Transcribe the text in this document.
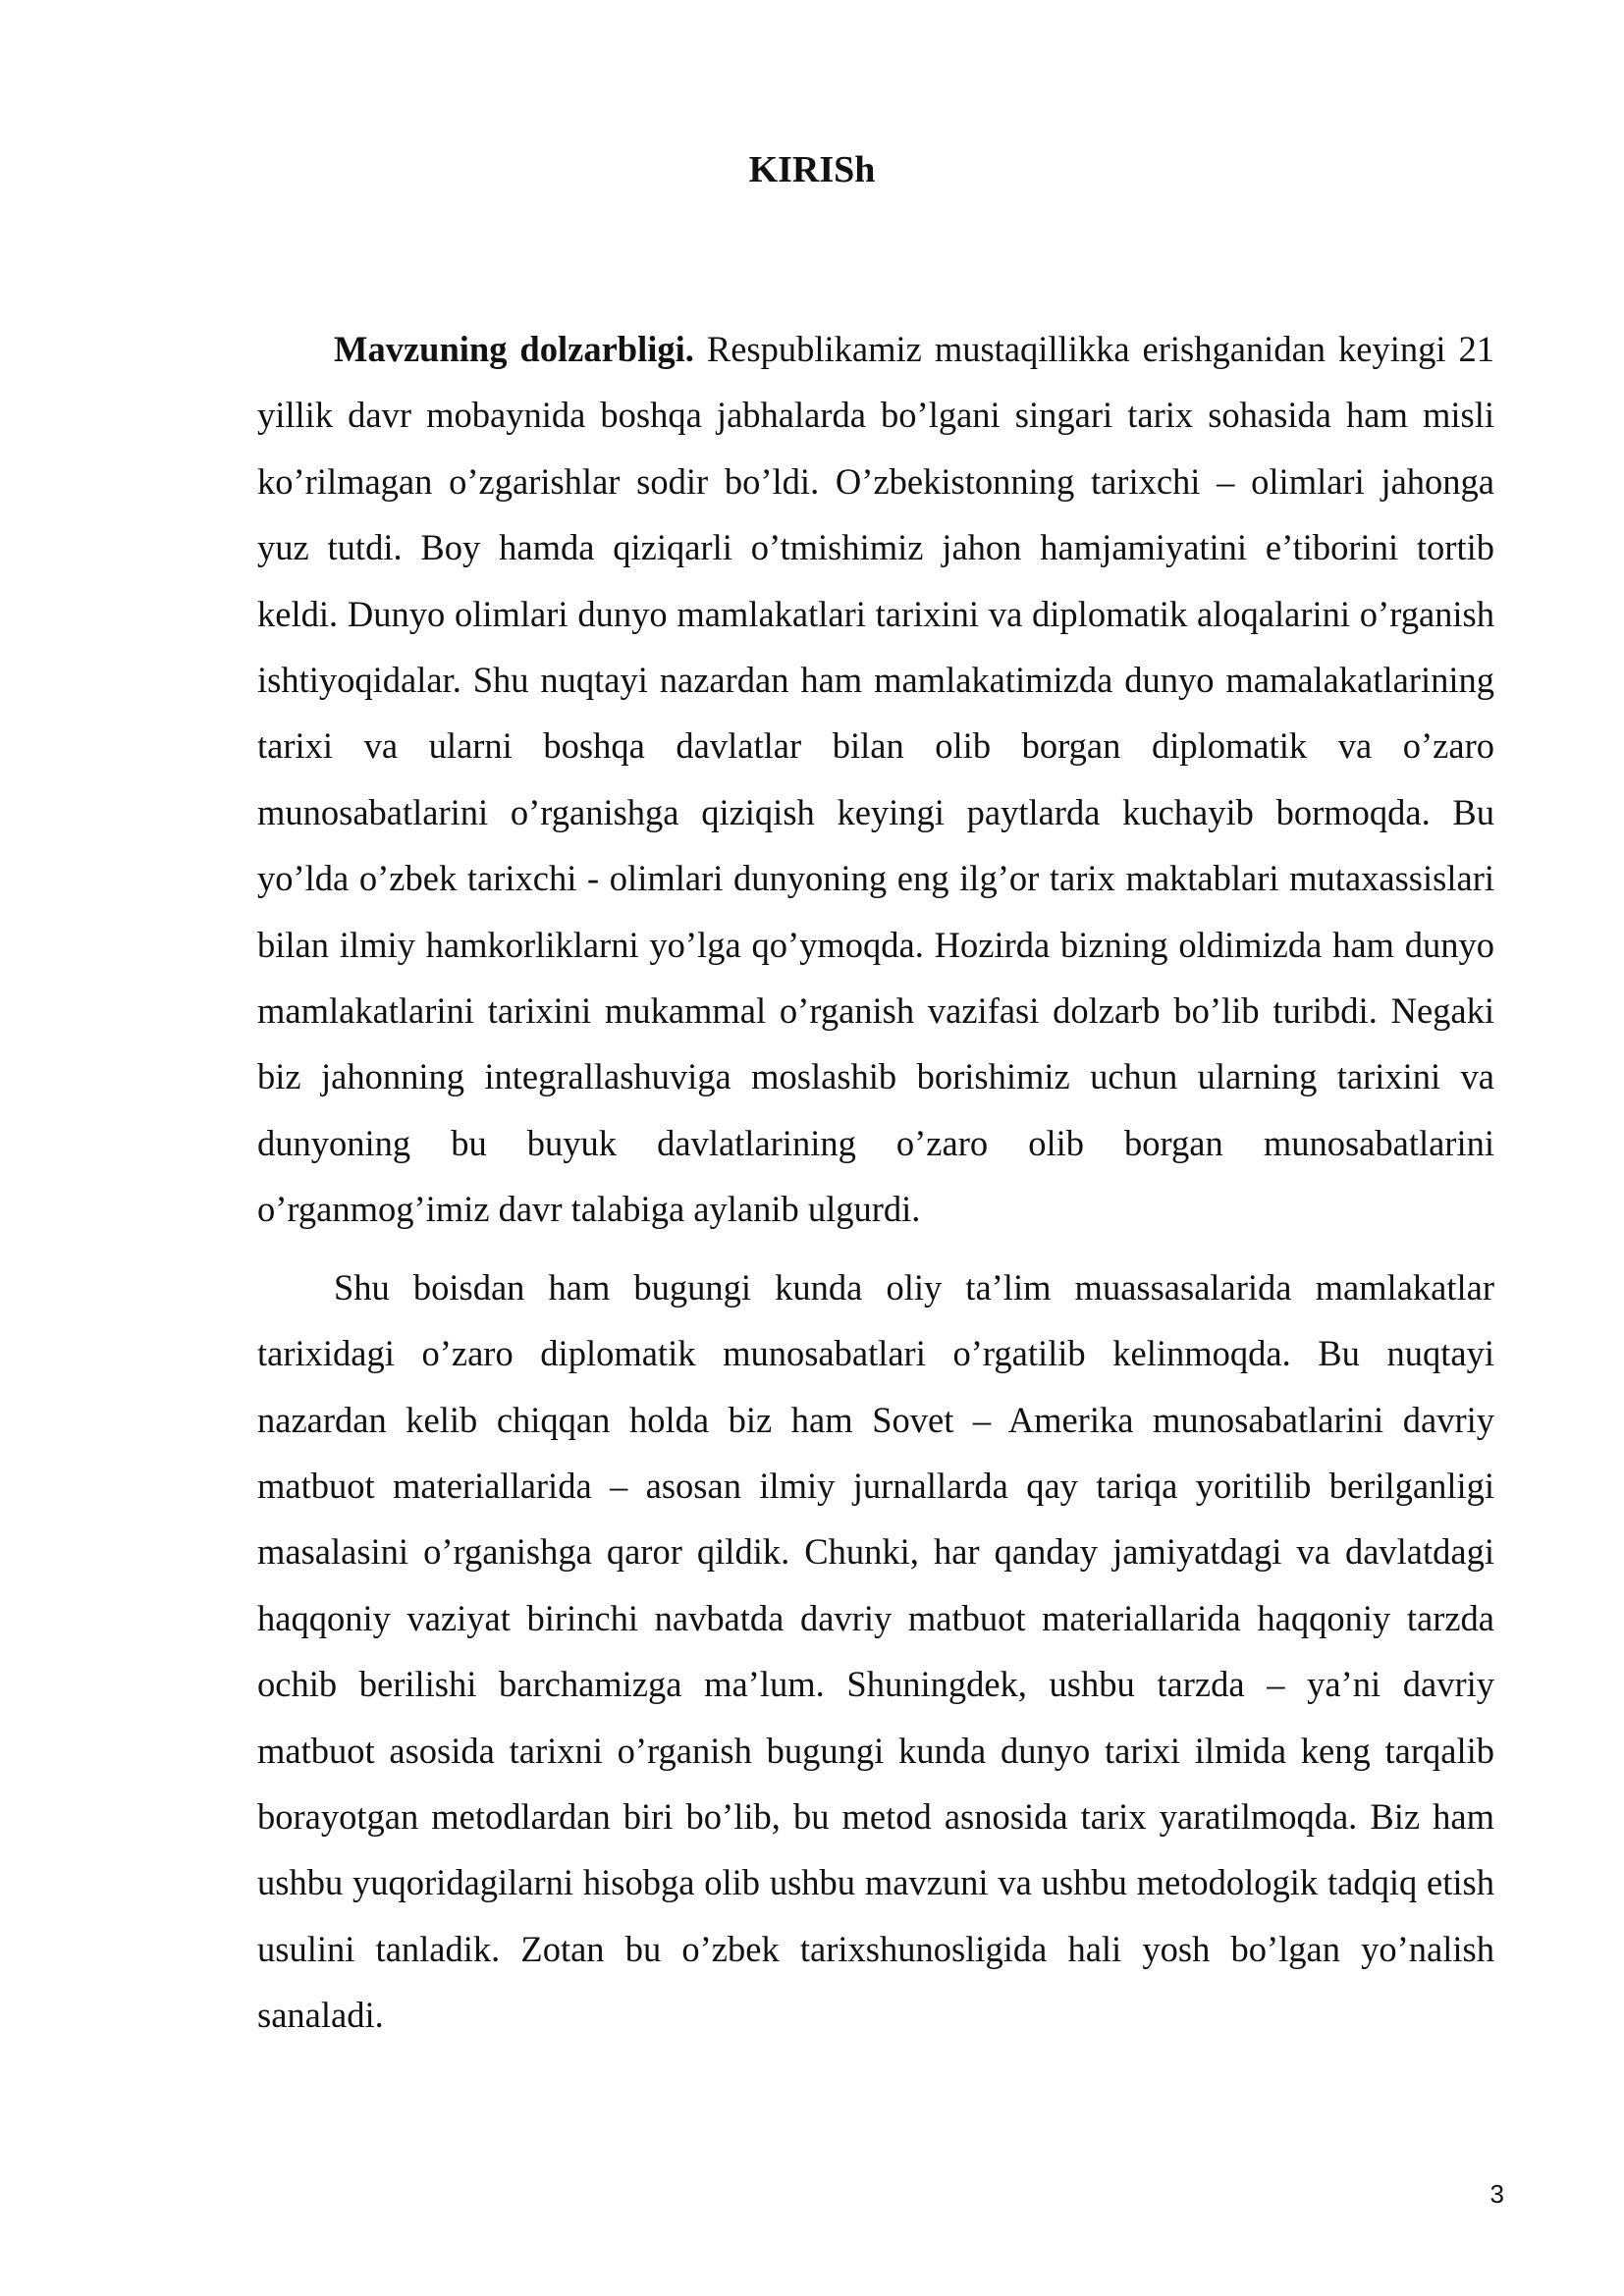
KIRISh

Mavzuning dolzarbligi. Respublikamiz mustaqillikka erishganidan keyingi 21 yillik davr mobaynida boshqa jabhalarda bo’lgani singari tarix sohasida ham misli ko’rilmagan o’zgarishlar sodir bo’ldi. O’zbekistonning tarixchi – olimlari jahonga yuz tutdi. Boy hamda qiziqarli o’tmishimiz jahon hamjamiyatini e’tiborini tortib keldi. Dunyo olimlari dunyo mamlakatlari tarixini va diplomatik aloqalarini o’rganish ishtiyoqidalar. Shu nuqtayi nazardan ham mamlakatimizda dunyo mamalakatlarining tarixi va ularni boshqa davlatlar bilan olib borgan diplomatik va o’zaro munosabatlarini o’rganishga qiziqish keyingi paytlarda kuchayib bormoqda. Bu yo’lda o’zbek tarixchi - olimlari dunyoning eng ilg’or tarix maktablari mutaxassislari bilan ilmiy hamkorliklarni yo’lga qo’ymoqda. Hozirda bizning oldimizda ham dunyo mamlakatlarini tarixini mukammal o’rganish vazifasi dolzarb bo’lib turibdi. Negaki biz jahonning integrallashuviga moslashib borishimiz uchun ularning tarixini va dunyoning bu buyuk davlatlarining o’zaro olib borgan munosabatlarini o’rganmog’imiz davr talabiga aylanib ulgurdi.

Shu boisdan ham bugungi kunda oliy ta’lim muassasalarida mamlakatlar tarixidagi o’zaro diplomatik munosabatlari o’rgatilib kelinmoqda. Bu nuqtayi nazardan kelib chiqqan holda biz ham Sovet – Amerika munosabatlarini davriy matbuot materiallarida – asosan ilmiy jurnallarda qay tariqa yoritilib berilganligi masalasini o’rganishga qaror qildik. Chunki, har qanday jamiyatdagi va davlatdagi haqqoniy vaziyat birinchi navbatda davriy matbuot materiallarida haqqoniy tarzda ochib berilishi barchamizga ma’lum. Shuningdek, ushbu tarzda – ya’ni davriy matbuot asosida tarixni o’rganish bugungi kunda dunyo tarixi ilmida keng tarqalib borayotgan metodlardan biri bo’lib, bu metod asnosida tarix yaratilmoqda. Biz ham ushbu yuqoridagilarni hisobga olib ushbu mavzuni va ushbu metodologik tadqiq etish usulini tanladik. Zotan bu o’zbek tarixshunosligida hali yosh bo’lgan yo’nalish sanaladi.

3
